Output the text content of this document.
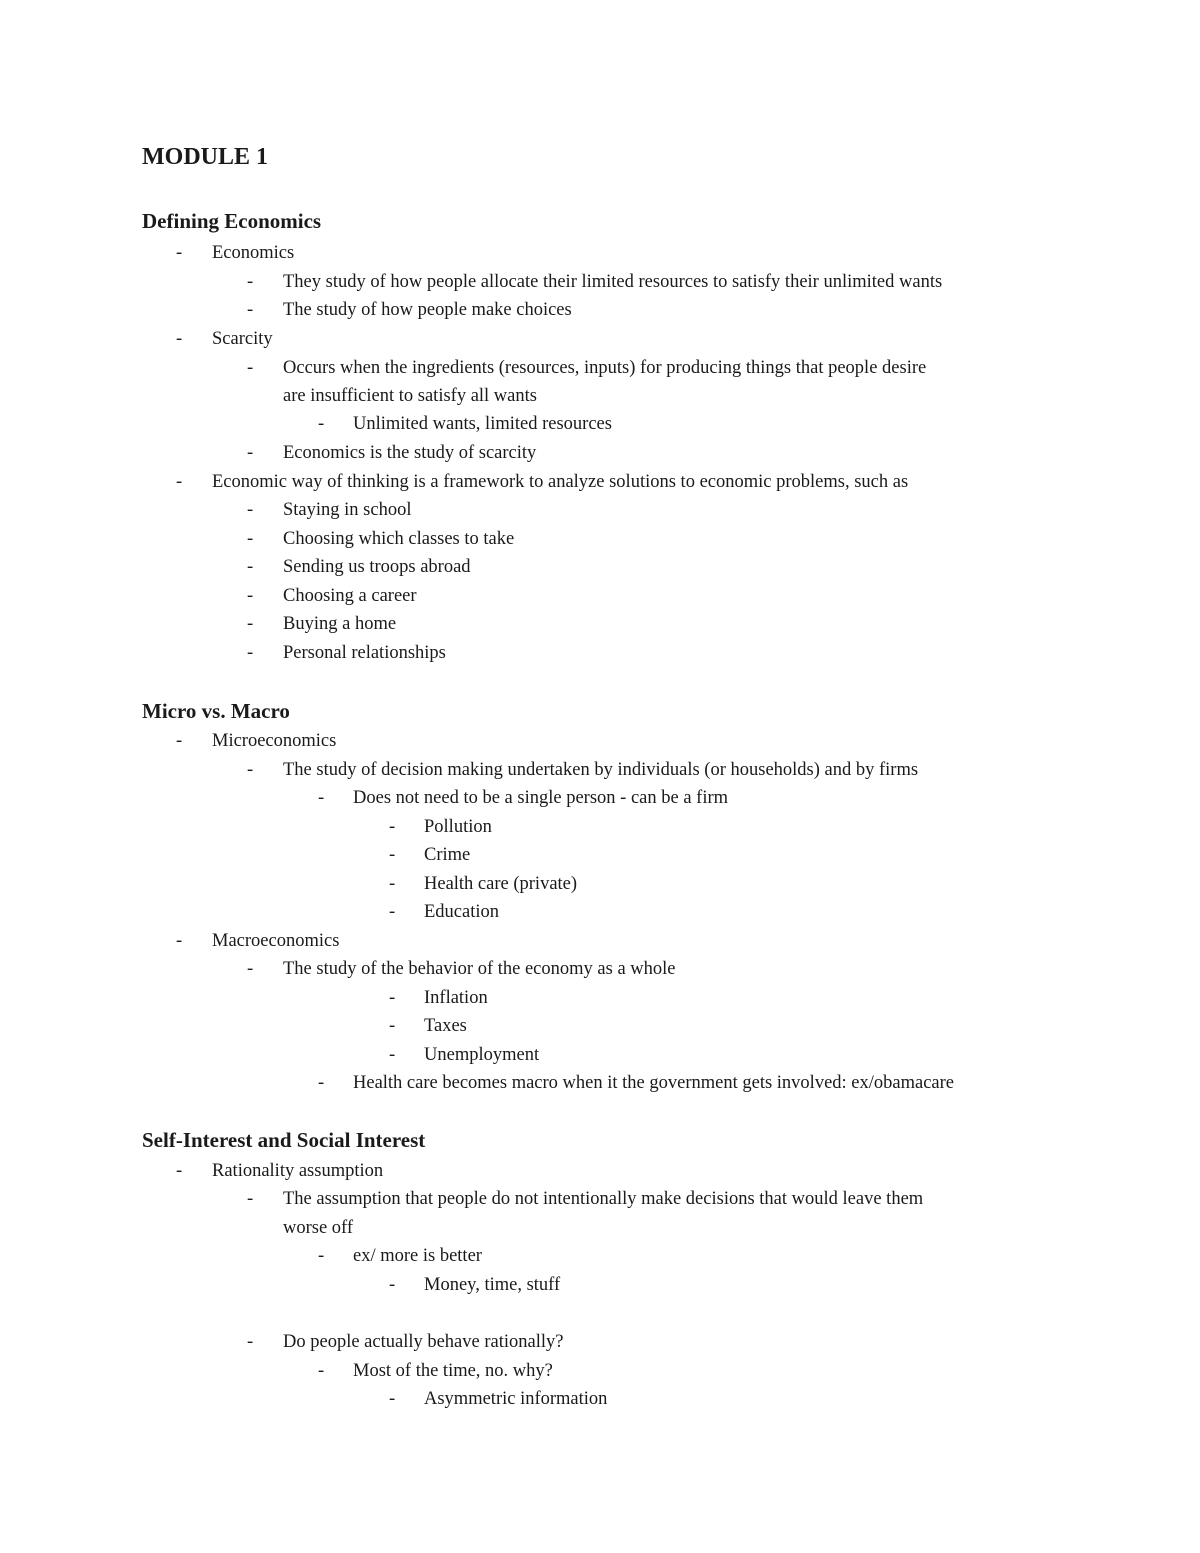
MODULE 1
Defining Economics
- Economics
- They study of how people allocate their limited resources to satisfy their unlimited wants
- The study of how people make choices
- Scarcity
- Occurs when the ingredients (resources, inputs) for producing things that people desire
are insufficient to satisfy all wants
- Unlimited wants, limited resources
- Economics is the study of scarcity
- Economic way of thinking is a framework to analyze solutions to economic problems, such as
- Staying in school
- Choosing which classes to take
- Sending us troops abroad
- Choosing a career
- Buying a home
- Personal relationships
Micro vs. Macro
- Microeconomics
- The study of decision making undertaken by individuals (or households) and by firms
- Does not need to be a single person - can be a firm
- Pollution
- Crime
- Health care (private)
- Education
- Macroeconomics
- The study of the behavior of the economy as a whole
- Inflation
- Taxes
- Unemployment
- Health care becomes macro when it the government gets involved: ex/obamacare
Self-Interest and Social Interest
- Rationality assumption
- The assumption that people do not intentionally make decisions that would leave them
worse off
- ex/ more is better
- Money, time, stuff
- Do people actually behave rationally?
- Most of the time, no. why?
- Asymmetric information
